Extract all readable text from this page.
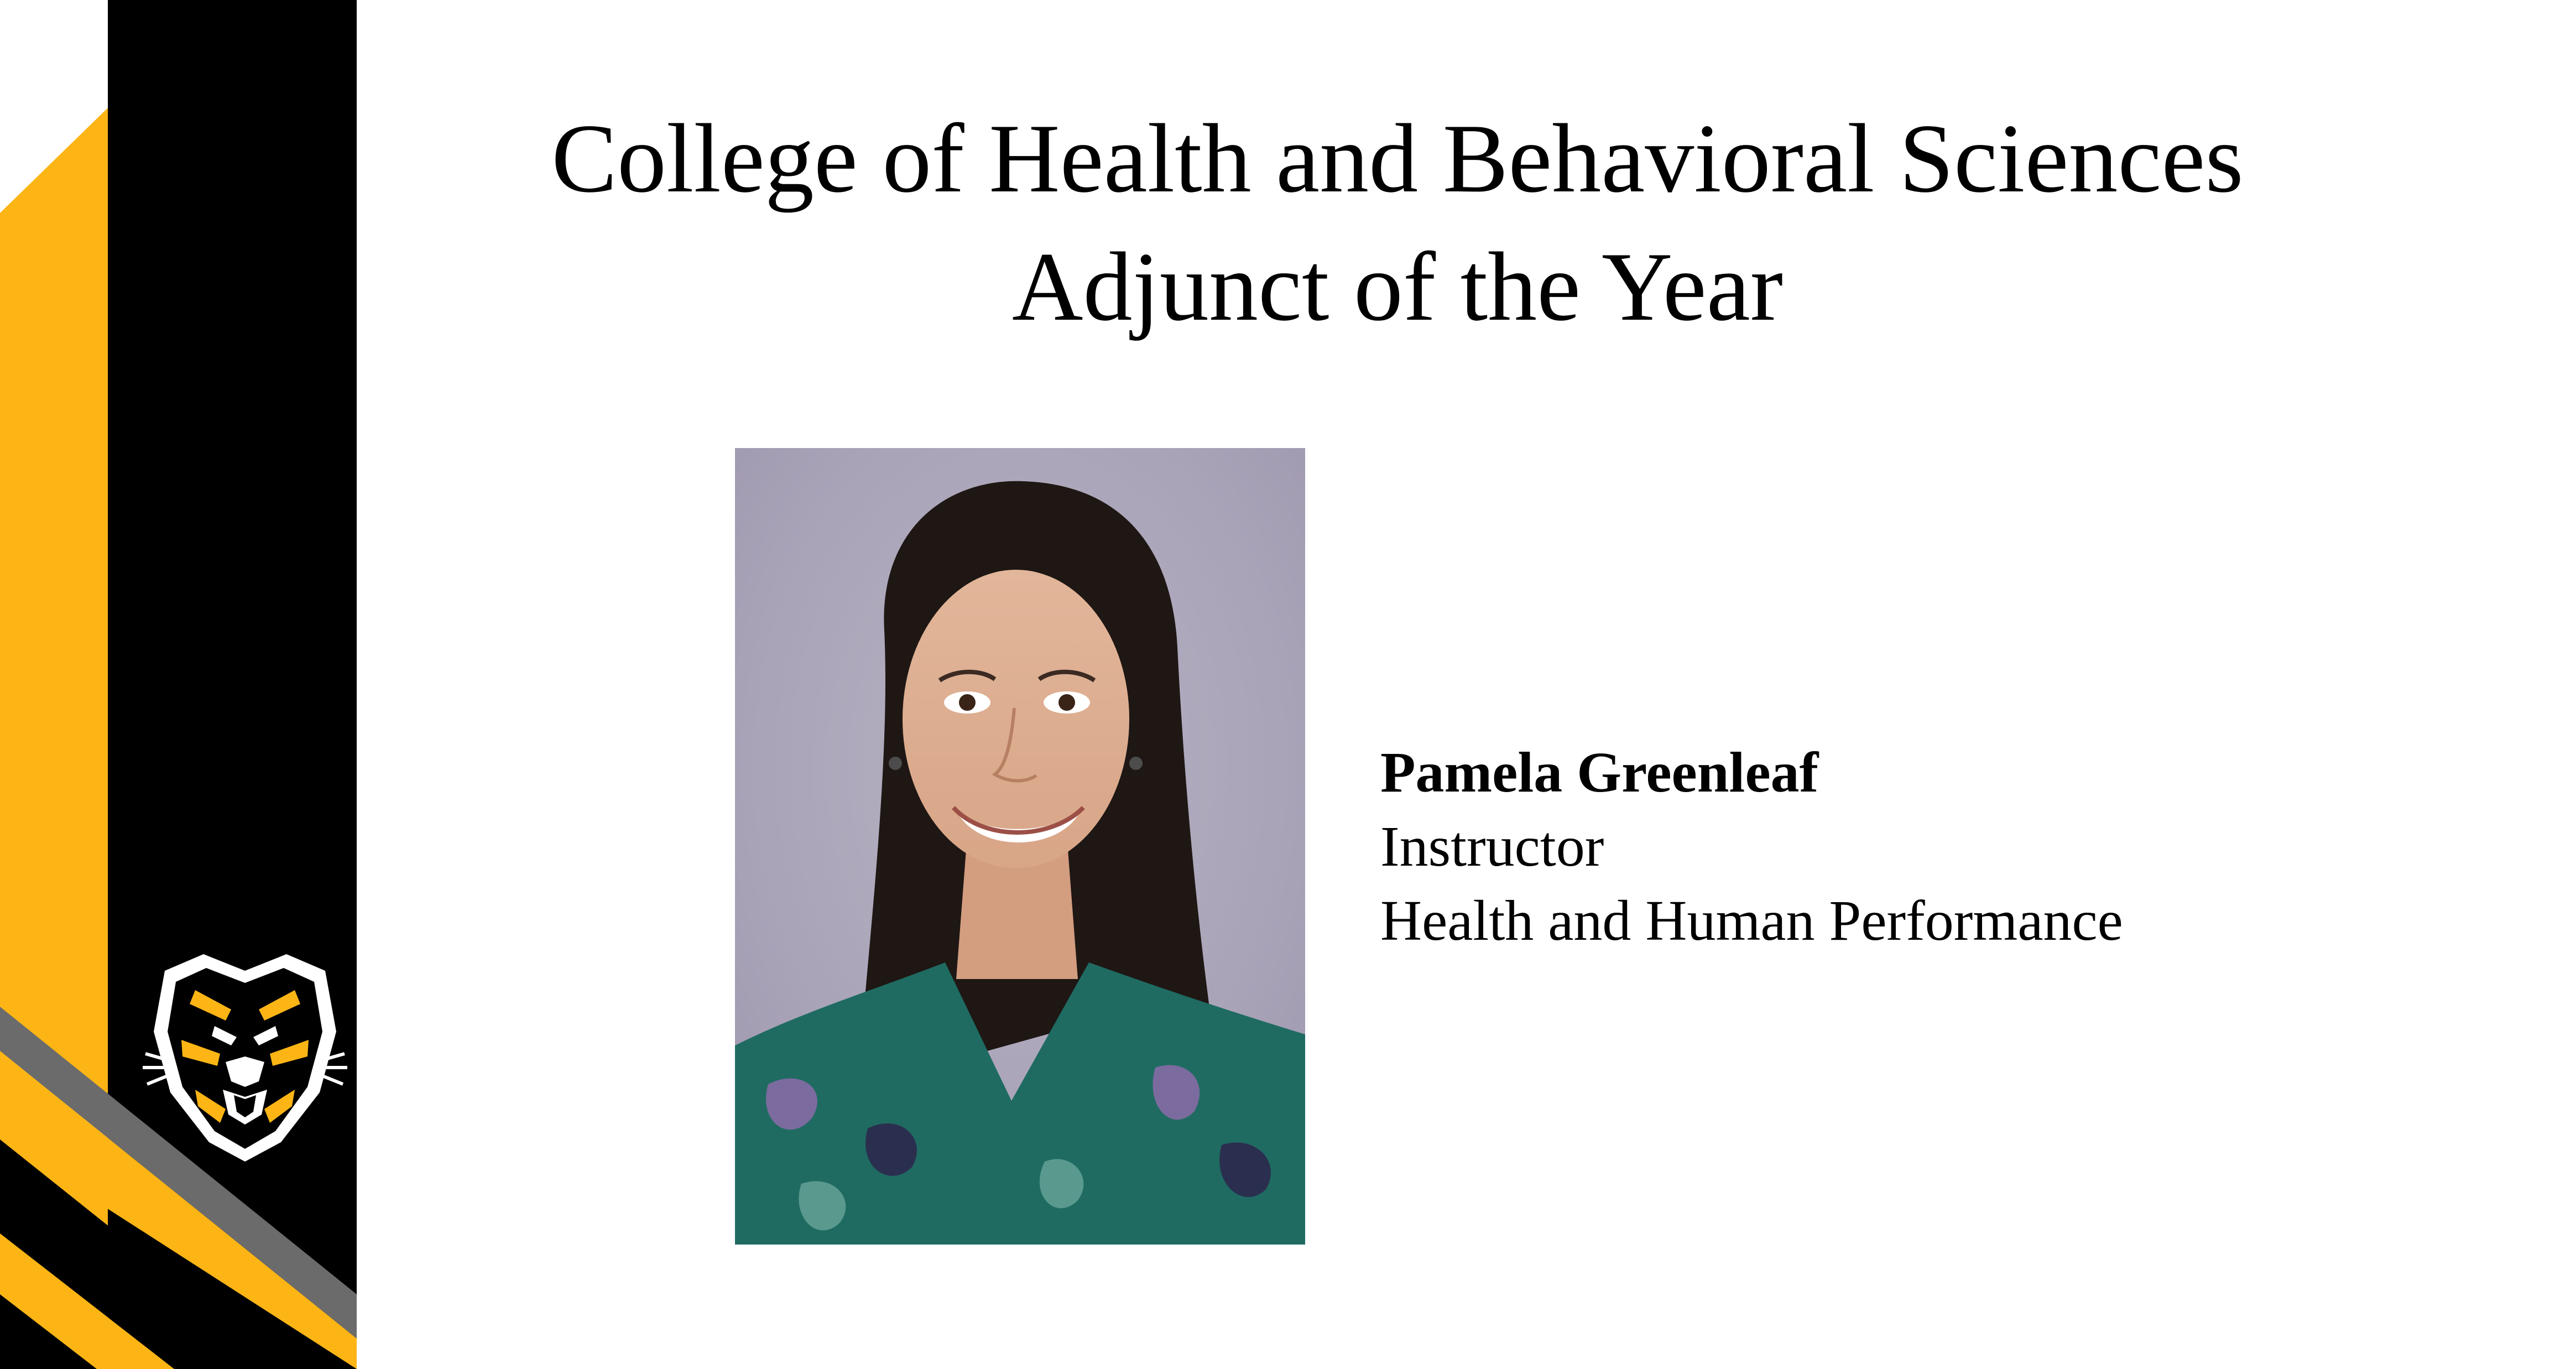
College of Health and Behavioral Sciences
Adjunct of the Year
Pamela Greenleaf
Instructor
Health and Human Performance
